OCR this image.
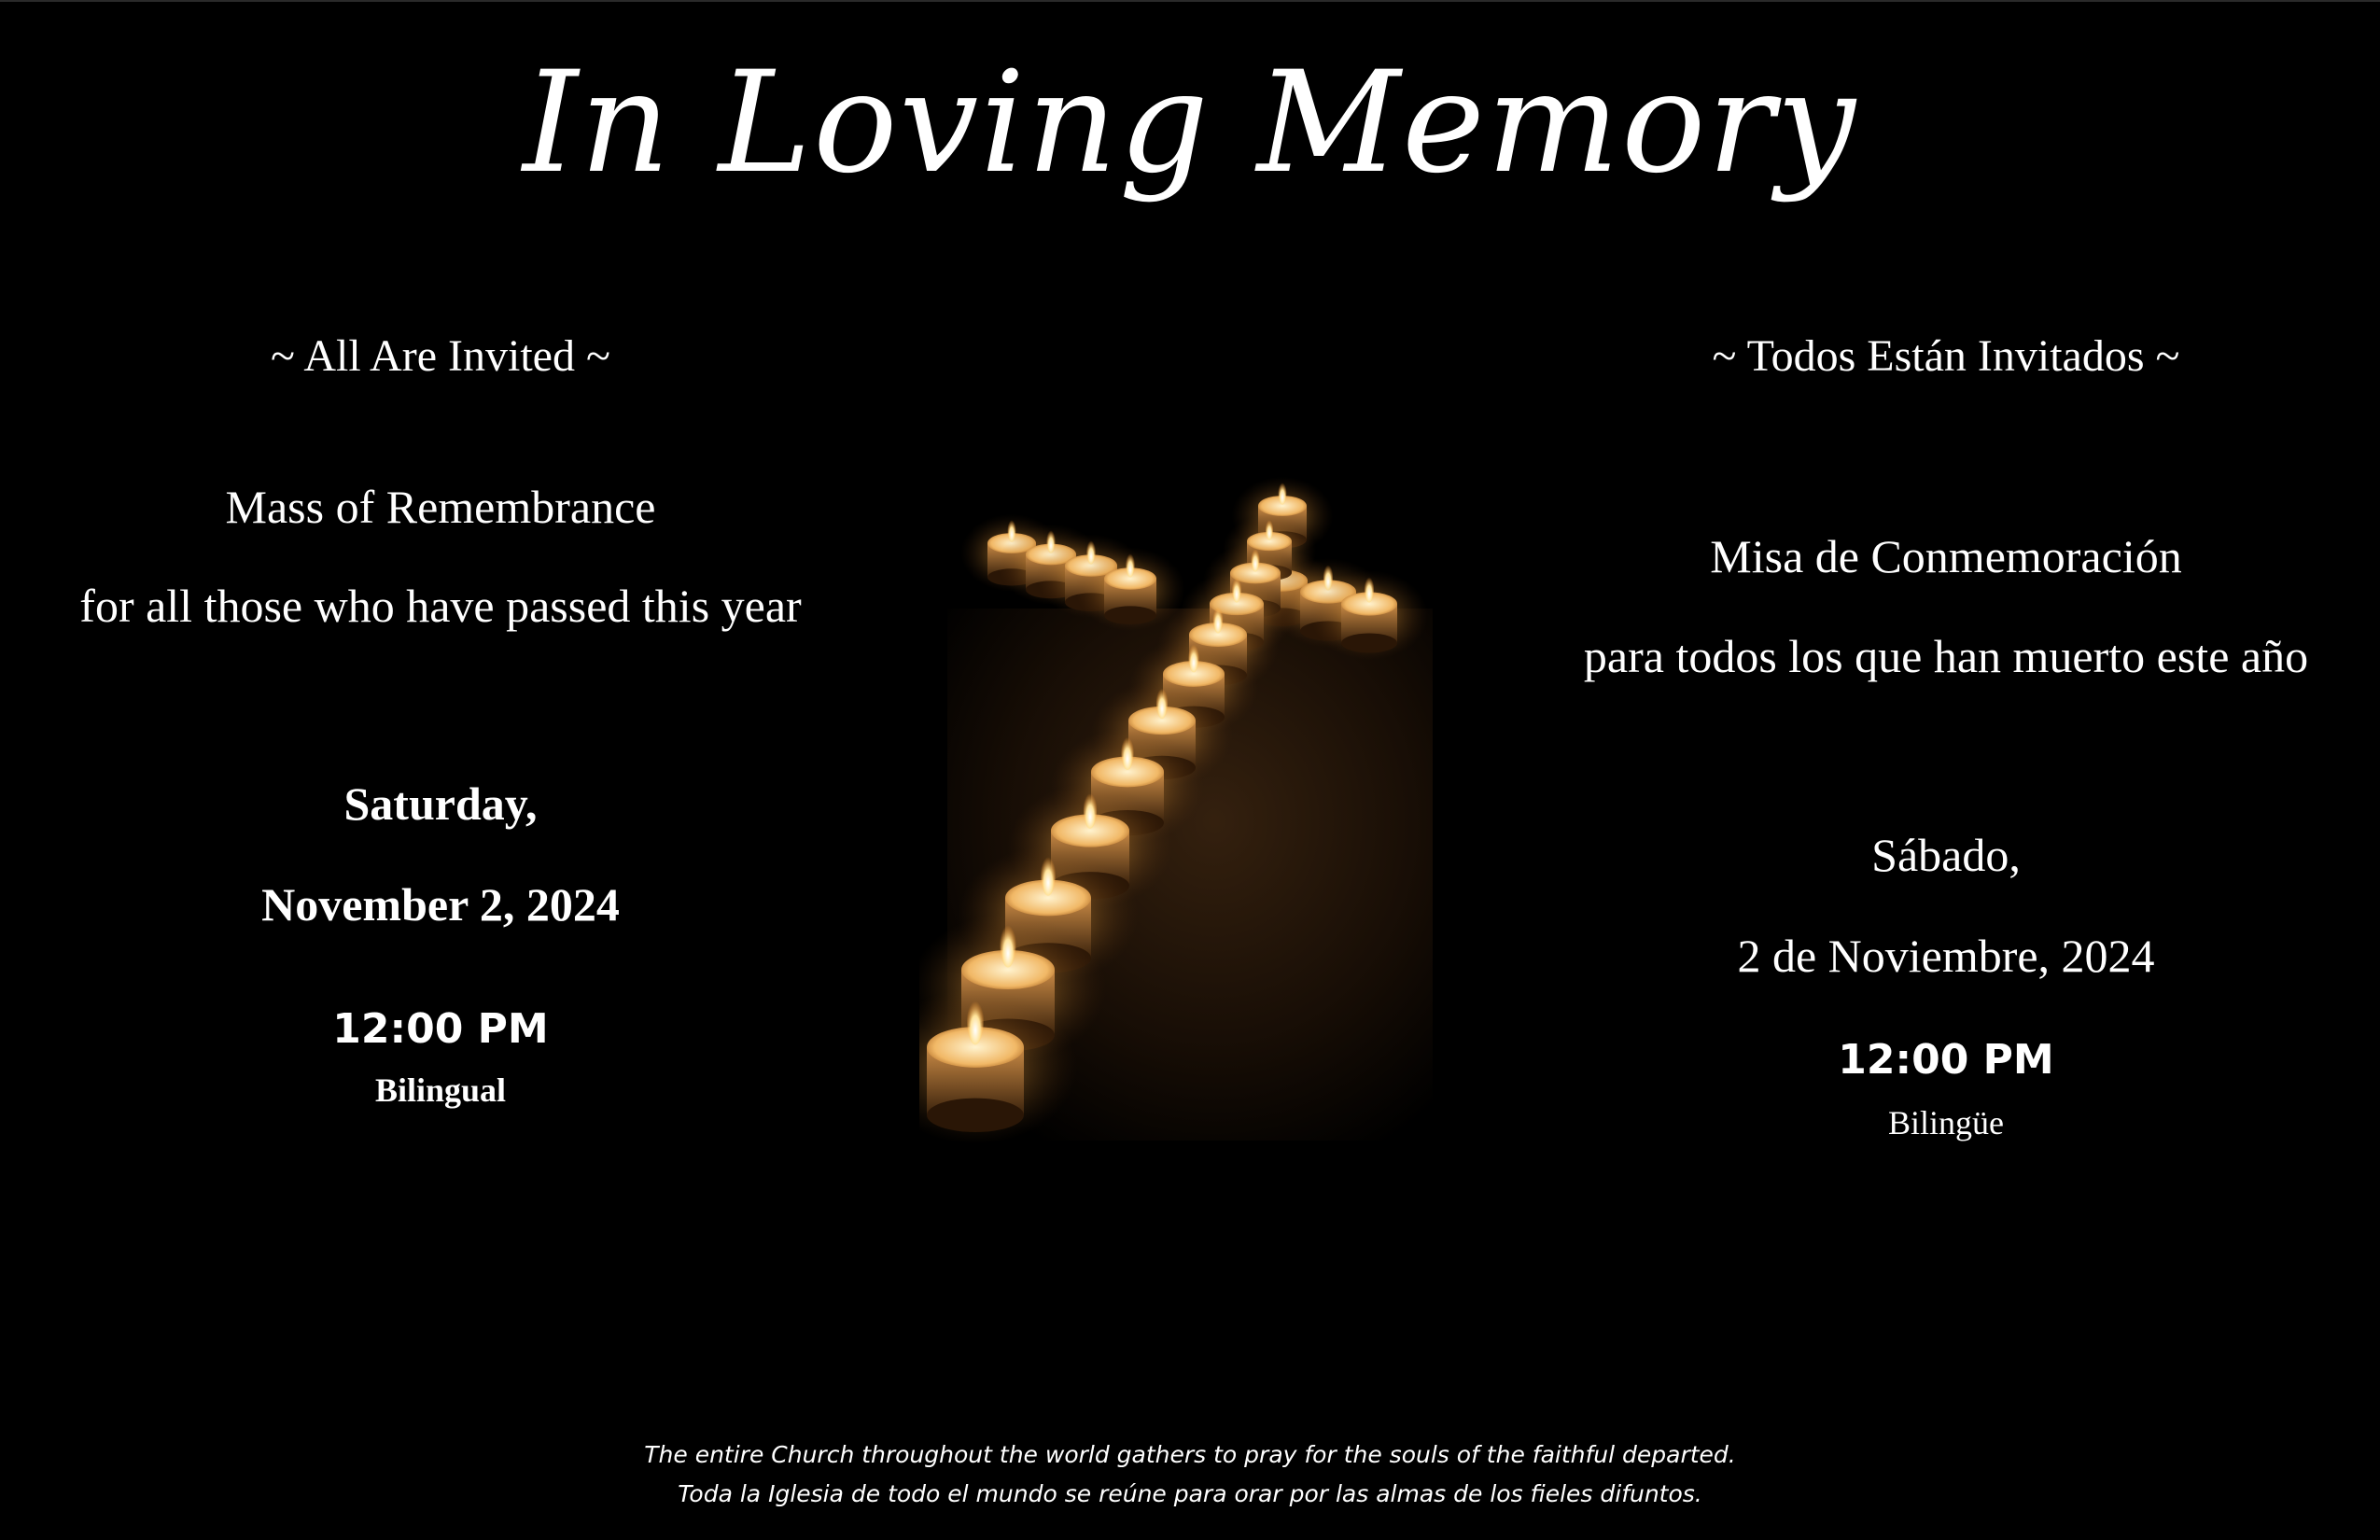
In Loving Memory
~ All Are Invited ~
Mass of Remembrance
for all those who have passed this year
Saturday,
November 2, 2024
12:00 PM
Bilingual
~ Todos Están Invitados ~
Misa de Conmemoración
para todos los que han muerto este año
Sábado,
2 de Noviembre, 2024
12:00 PM
Bilingüe
The entire Church throughout the world gathers to pray for the souls of the faithful departed.
Toda la Iglesia de todo el mundo se reúne para orar por las almas de los fieles difuntos.
